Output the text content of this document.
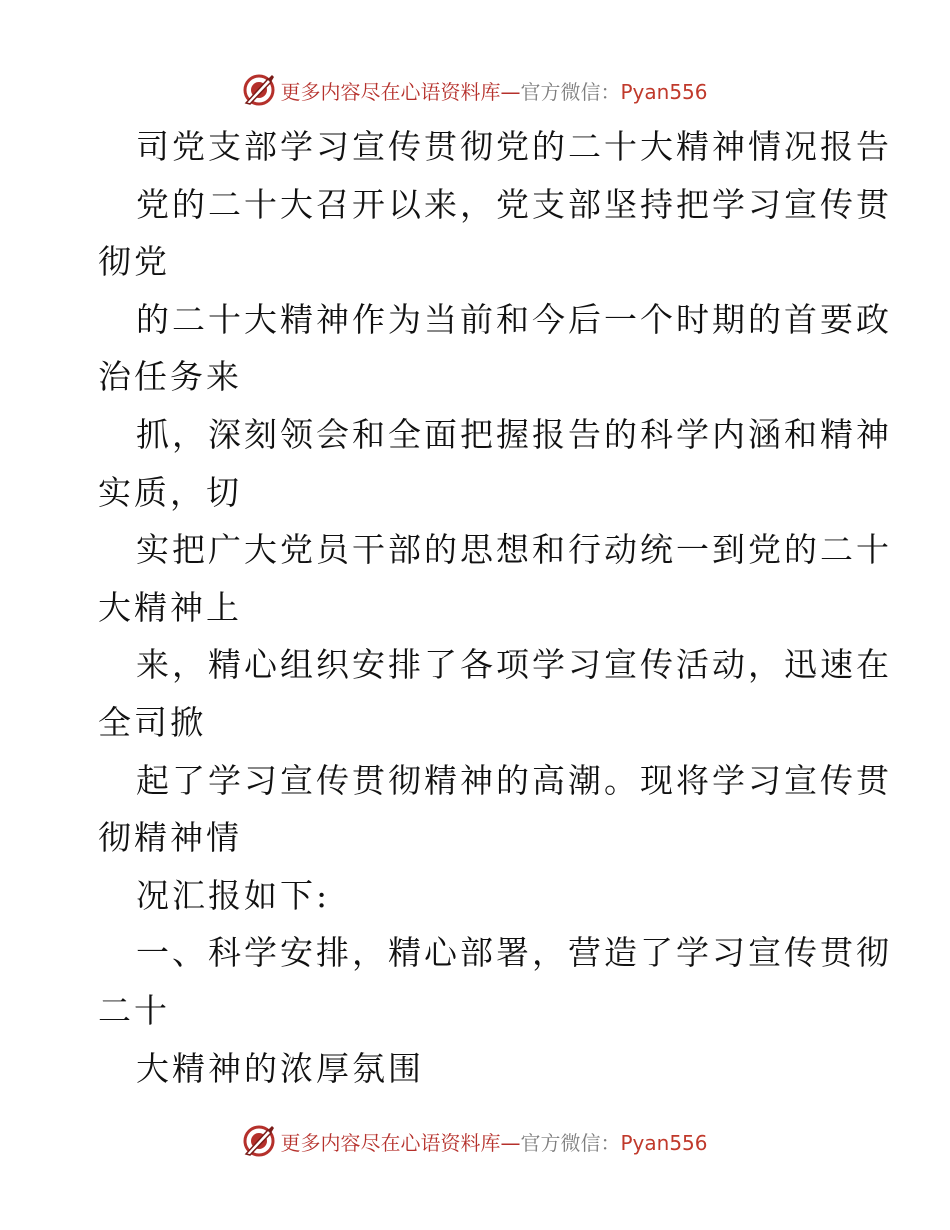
更多内容尽在心语资料库—官方微信：Pyan556
司党支部学习宣传贯彻党的二十大精神情况报告
党的二十大召开以来，党支部坚持把学习宣传贯
彻党
的二十大精神作为当前和今后一个时期的首要政
治任务来
抓，深刻领会和全面把握报告的科学内涵和精神
实质，切
实把广大党员干部的思想和行动统一到党的二十
大精神上
来，精心组织安排了各项学习宣传活动，迅速在
全司掀
起了学习宣传贯彻精神的高潮。现将学习宣传贯
彻精神情
况汇报如下:
一、科学安排，精心部署，营造了学习宣传贯彻
二十
大精神的浓厚氛围
更多内容尽在心语资料库—官方微信：Pyan556
